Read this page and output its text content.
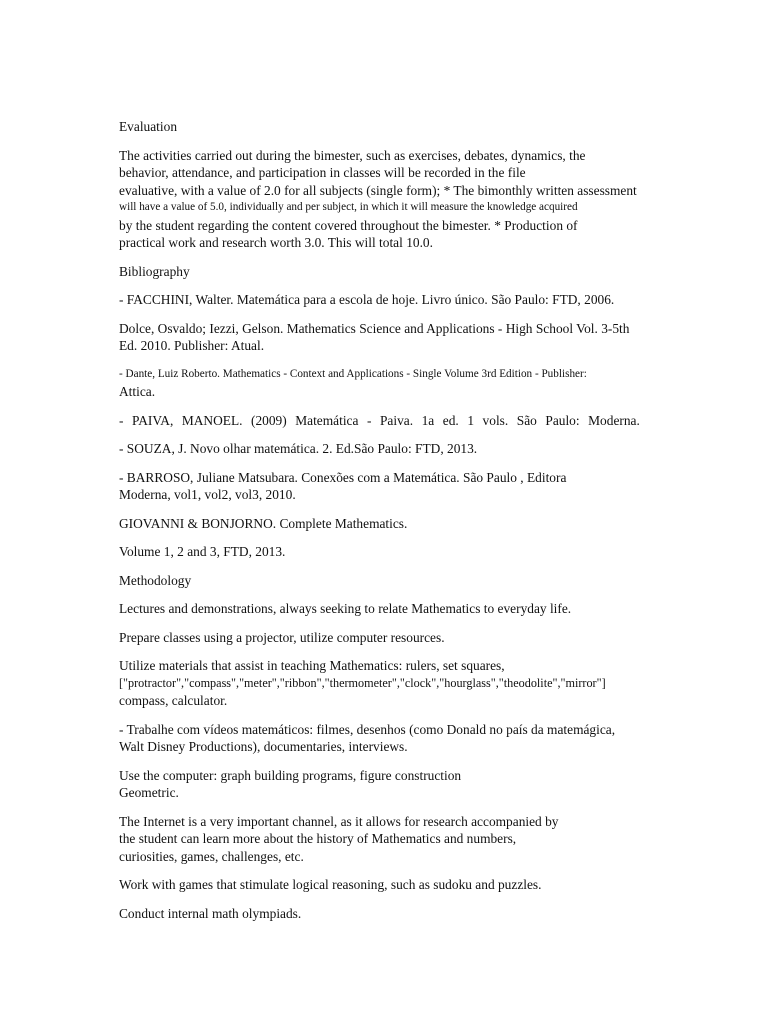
Evaluation
The activities carried out during the bimester, such as exercises, debates, dynamics, the
behavior, attendance, and participation in classes will be recorded in the file
evaluative, with a value of 2.0 for all subjects (single form); * The bimonthly written assessment
will have a value of 5.0, individually and per subject, in which it will measure the knowledge acquired
by the student regarding the content covered throughout the bimester. * Production of
practical work and research worth 3.0. This will total 10.0.
Bibliography
- FACCHINI, Walter. Matemática para a escola de hoje. Livro único. São Paulo: FTD, 2006.
Dolce, Osvaldo; Iezzi, Gelson. Mathematics Science and Applications - High School Vol. 3-5th
Ed. 2010. Publisher: Atual.
- Dante, Luiz Roberto. Mathematics - Context and Applications - Single Volume 3rd Edition - Publisher:
Attica.
- PAIVA, MANOEL. (2009) Matemática - Paiva. 1a ed. 1 vols. São Paulo: Moderna.
- SOUZA, J. Novo olhar matemática. 2. Ed.São Paulo: FTD, 2013.
- BARROSO, Juliane Matsubara. Conexões com a Matemática. São Paulo , Editora
Moderna, vol1, vol2, vol3, 2010.
GIOVANNI & BONJORNO. Complete Mathematics.
Volume 1, 2 and 3, FTD, 2013.
Methodology
Lectures and demonstrations, always seeking to relate Mathematics to everyday life.
Prepare classes using a projector, utilize computer resources.
Utilize materials that assist in teaching Mathematics: rulers, set squares,
["protractor","compass","meter","ribbon","thermometer","clock","hourglass","theodolite","mirror"]
compass, calculator.
- Trabalhe com vídeos matemáticos: filmes, desenhos (como Donald no país da matemágica,
Walt Disney Productions), documentaries, interviews.
Use the computer: graph building programs, figure construction
Geometric.
The Internet is a very important channel, as it allows for research accompanied by
the student can learn more about the history of Mathematics and numbers,
curiosities, games, challenges, etc.
Work with games that stimulate logical reasoning, such as sudoku and puzzles.
Conduct internal math olympiads.
